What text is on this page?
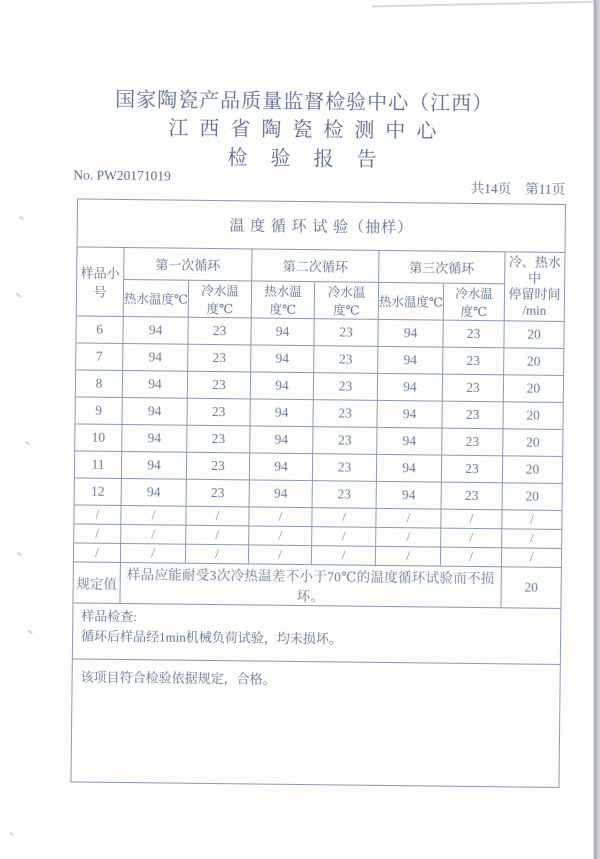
国家陶瓷产品质量监督检验中心（江西）
江 西 省 陶 瓷 检 测 中 心
检 验 报 告
No. PW20171019
共14页 第11页
温 度 循 环 试 验（抽样）							
样品小号	第一次循环		第二次循环		第三次循环		冷、热水中
停留时间
/min
	热水温度℃	冷水温度℃	热水温度℃	冷水温度℃	热水温度℃	冷水温度℃	
6	94	23	94	23	94	23	20
7	94	23	94	23	94	23	20
8	94	23	94	23	94	23	20
9	94	23	94	23	94	23	20
10	94	23	94	23	94	23	20
11	94	23	94	23	94	23	20
12	94	23	94	23	94	23	20
/	/	/	/	/	/	/	/
/	/	/	/	/	/	/	/
/	/	/	/	/	/	/	/
规定值	样品应能耐受3次冷热温差不小于70℃的温度循环试验而不损坏。						20

样品检查:
循环后样品经1min机械负荷试验，均未损坏。							

该项目符合检验依据规定，合格。							
